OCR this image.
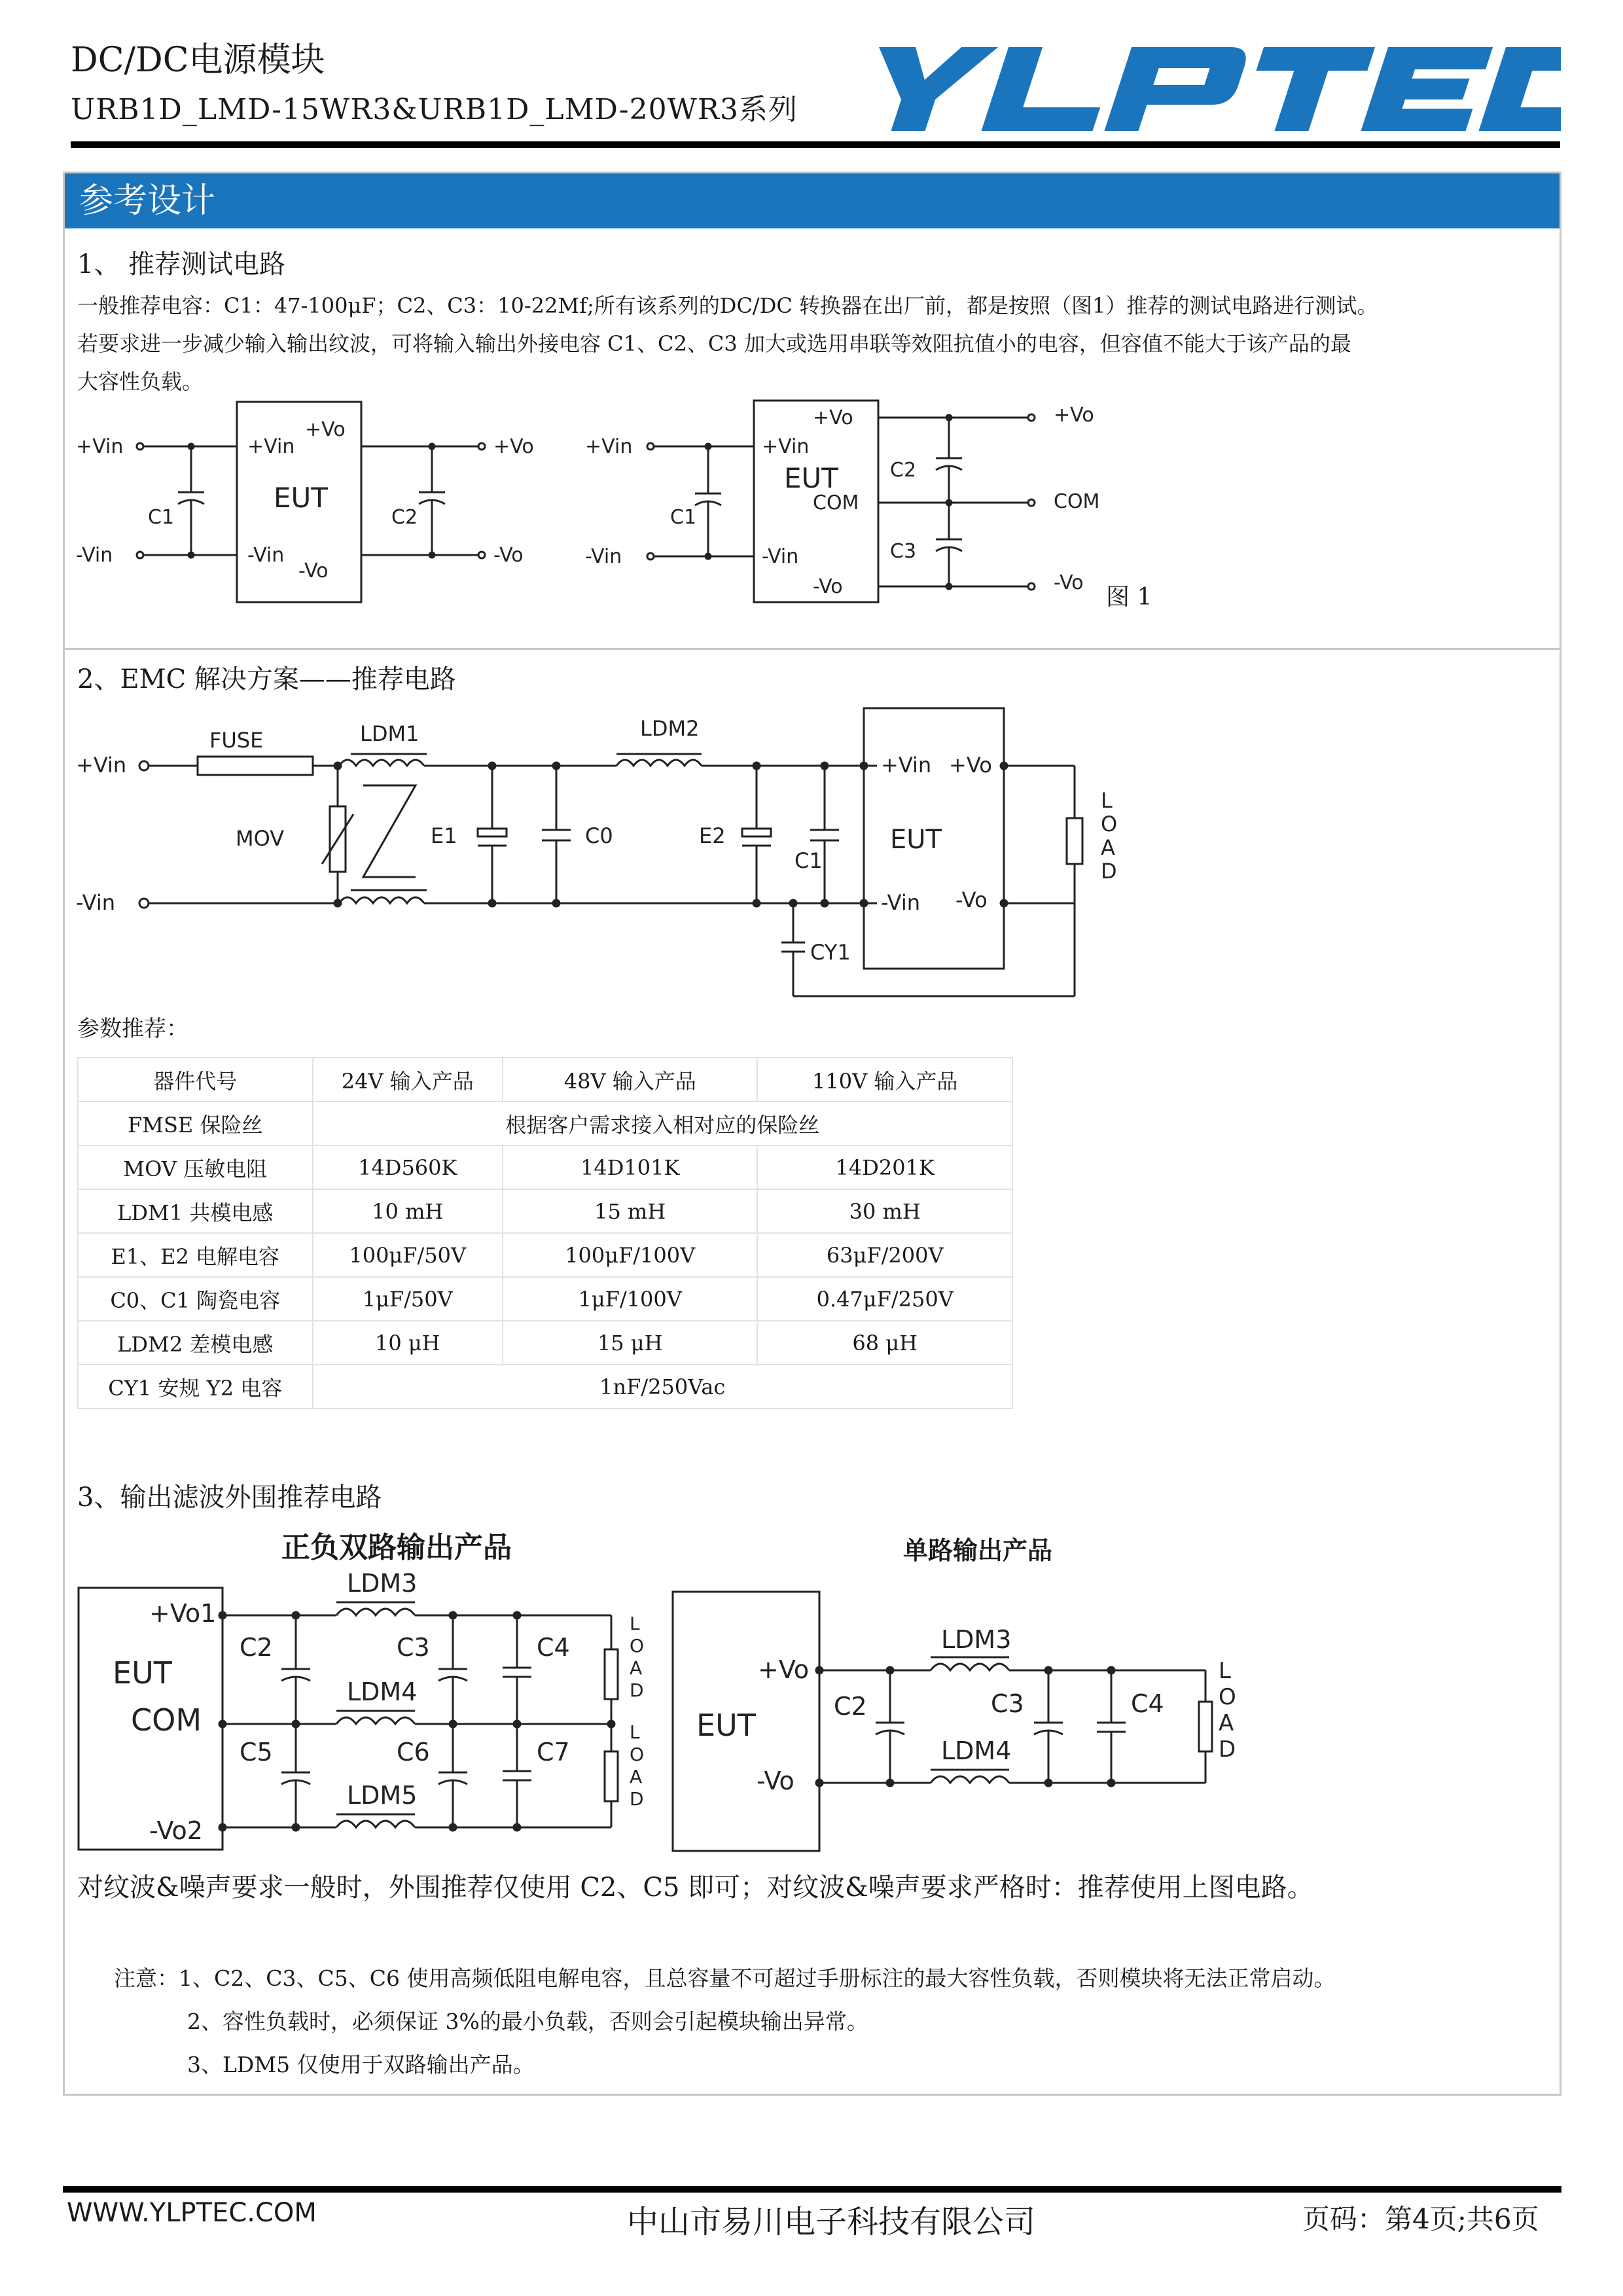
DC/DC电源模块
URB1D_LMD-15WR3&URB1D_LMD-20WR3系列
参考设计
1、 推荐测试电路
一般推荐电容：C1：47-100μF；C2、C3：10-22Mf;所有该系列的DC/DC 转换器在出厂前，都是按照（图1）推荐的测试电路进行测试。
若要求进一步减少输入输出纹波，可将输入输出外接电容 C1、C2、C3 加大或选用串联等效阻抗值小的电容，但容值不能大于该产品的最
大容性负载。
+Vin
-Vin
C1	C2
+Vin
+Vo
-Vin
-Vo
EUT
+Vo
-Vo
+Vin
-Vin
C1
+Vo
+Vin
EUT
COM
-Vin
-Vo
C2
C3
+Vo
COM
-Vo
图 1
2、EMC 解决方案——推荐电路
+Vin
-Vin
FUSE	LDM1	LDM2
MOV	E1	C0	E2
C1
CY1
+Vin +Vo
-Vin -Vo
EUT
L
O
A
D
参数推荐：
器件代号	24V 输入产品	48V 输入产品	110V 输入产品
FMSE 保险丝	根据客户需求接入相对应的保险丝		
MOV 压敏电阻	14D560K	14D101K	14D201K
LDM1 共模电感	10 mH	15 mH	30 mH
E1、E2 电解电容	100μF/50V	100μF/100V	63μF/200V
C0、C1 陶瓷电容	1μF/50V	1μF/100V	0.47μF/250V
LDM2 差模电感	10 μH	15 μH	68 μH
CY1 安规 Y2 电容	1nF/250Vac		
3、输出滤波外围推荐电路
正负双路输出产品	单路输出产品
+Vo1
EUT
COM
-Vo2
LDM3
LDM4
LDM5
C2	C3	C4
C5	C6	C7
L
O
A
D
L
O
A
D
+Vo
EUT
-Vo
LDM3
LDM4
C2	C3	C4
L
O
A
D
对纹波&噪声要求一般时，外围推荐仅使用 C2、C5 即可；对纹波&噪声要求严格时：推荐使用上图电路。
注意：1、C2、C3、C5、C6 使用高频低阻电解电容，且总容量不可超过手册标注的最大容性负载，否则模块将无法正常启动。
2、容性负载时，必须保证 3%的最小负载，否则会引起模块输出异常。
3、LDM5 仅使用于双路输出产品。
WWW.YLPTEC.COM	中山市易川电子科技有限公司	页码：第4页;共6页
